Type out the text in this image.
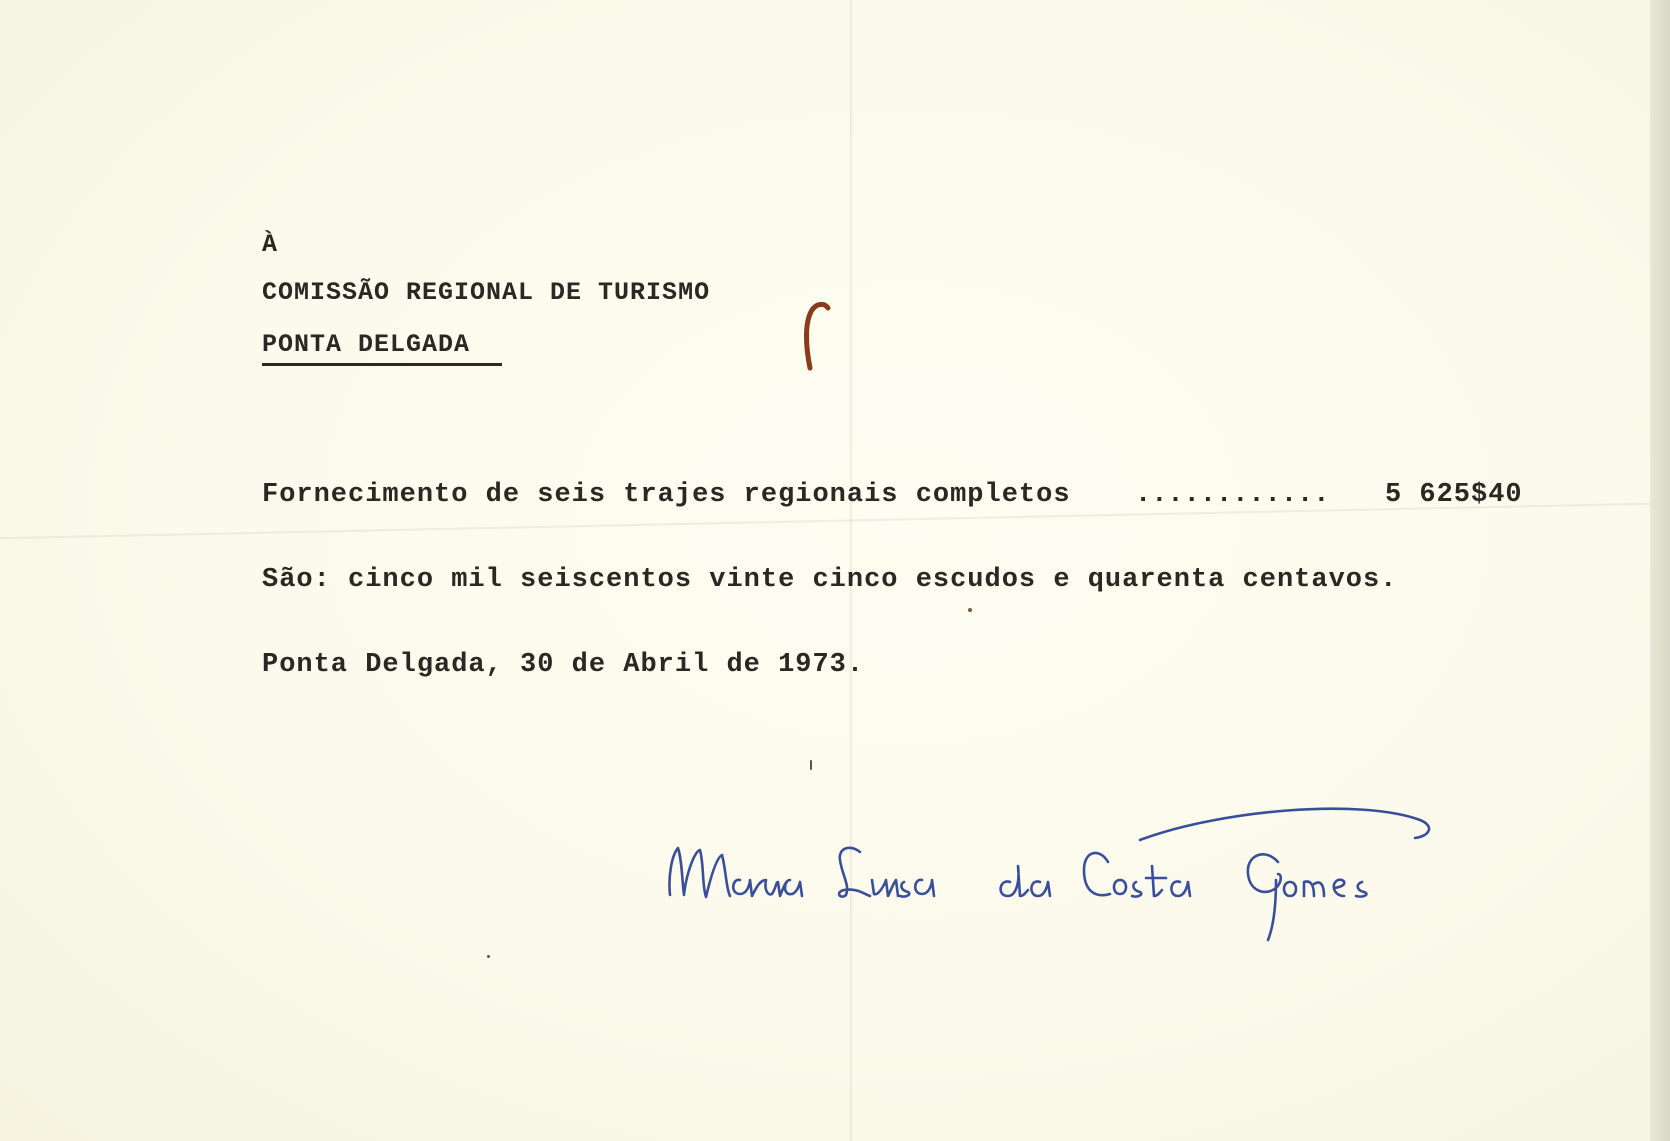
À
COMISSÃO REGIONAL DE TURISMO
PONTA DELGADA
Fornecimento de seis trajes regionais completos ............ 5 625$40
São: cinco mil seiscentos vinte cinco escudos e quarenta centavos.
Ponta Delgada, 30 de Abril de 1973.
